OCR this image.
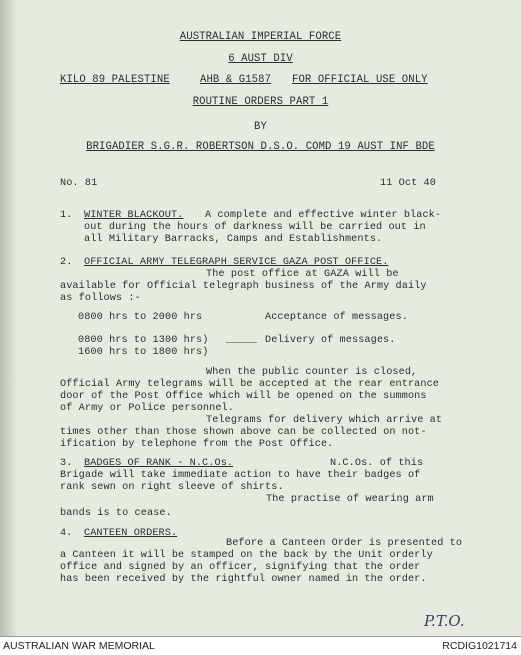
AUSTRALIAN IMPERIAL FORCE

6 AUST DIV

KILO 89 PALESTINE	AHB & G1587 FOR OFFICIAL USE ONLY

ROUTINE ORDERS PART 1

BY

BRIGADIER S.G.R. ROBERTSON D.S.O. COMD 19 AUST INF BDE

No. 81	11 Oct 40

1. WINTER BLACKOUT. A complete and effective winter black-

out during the hours of darkness will be carried out in

all Military Barracks, Camps and Establishments.

2. OFFICIAL ARMY TELEGRAPH SERVICE GAZA POST OFFICE.

The post office at GAZA will be

available for Official telegraph business of the Army daily

as follows :-

0800 hrs to 2000 hrs	Acceptance of messages.

0800 hrs to 1300 hrs) _____ Delivery of messages.

1600 hrs to 1800 hrs)

When the public counter is closed,

Official Army telegrams will be accepted at the rear entrance

door of the Post Office which will be opened on the summons

of Army or Police personnel.

Telegrams for delivery which arrive at

times other than those shown above can be collected on not-

ification by telephone from the Post Office.

3. BADGES OF RANK - N.C.Os.	N.C.Os. of this

Brigade will take immediate action to have their badges of

rank sewn on right sleeve of shirts.

The practise of wearing arm

bands is to cease.

4. CANTEEN ORDERS.

Before a Canteen Order is presented to

a Canteen it will be stamped on the back by the Unit orderly

office and signed by an officer, signifying that the order

has been received by the rightful owner named in the order.

P.T.O.

AUSTRALIAN WAR MEMORIAL	RCDIG1021714
